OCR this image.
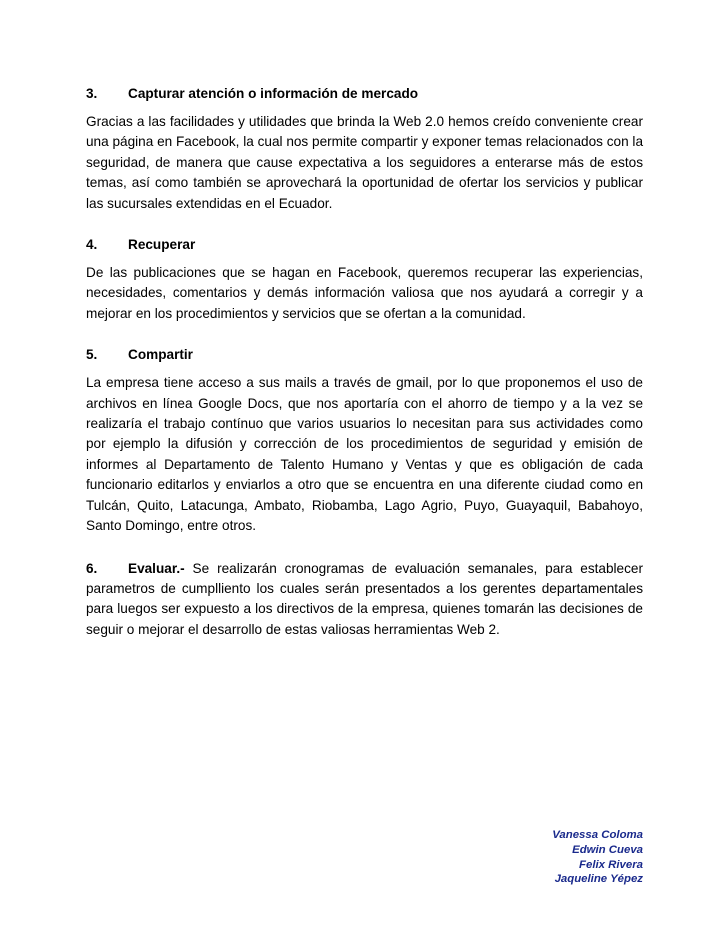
3. Capturar atención o información de mercado

Gracias a las facilidades y utilidades que brinda la Web 2.0 hemos creído conveniente crear una página en Facebook, la cual nos permite compartir y exponer temas relacionados con la seguridad, de manera que cause expectativa a los seguidores a enterarse más de estos temas, así como también se aprovechará la oportunidad de ofertar los servicios y publicar las sucursales extendidas en el Ecuador.

4. Recuperar

De las publicaciones que se hagan en Facebook, queremos recuperar las experiencias, necesidades, comentarios y demás información valiosa que nos ayudará a corregir y a mejorar en los procedimientos y servicios que se ofertan a la comunidad.

5. Compartir

La empresa tiene acceso a sus mails a través de gmail, por lo que proponemos el uso de archivos en línea Google Docs, que nos aportaría con el ahorro de tiempo y a la vez se realizaría el trabajo contínuo que varios usuarios lo necesitan para sus actividades como por ejemplo la difusión y corrección de los procedimientos de seguridad y emisión de informes al Departamento de Talento Humano y Ventas y que es obligación de cada funcionario editarlos y enviarlos a otro que se encuentra en una diferente ciudad como en Tulcán, Quito, Latacunga, Ambato, Riobamba, Lago Agrio, Puyo, Guayaquil, Babahoyo, Santo Domingo, entre otros.

6. Evaluar.- Se realizarán cronogramas de evaluación semanales, para establecer parametros de cumplliento los cuales serán presentados a los gerentes departamentales para luegos ser expuesto a los directivos de la empresa, quienes tomarán las decisiones de seguir o mejorar el desarrollo de estas valiosas herramientas Web 2.

Vanessa Coloma
Edwin Cueva
Felix Rivera
Jaqueline Yépez
